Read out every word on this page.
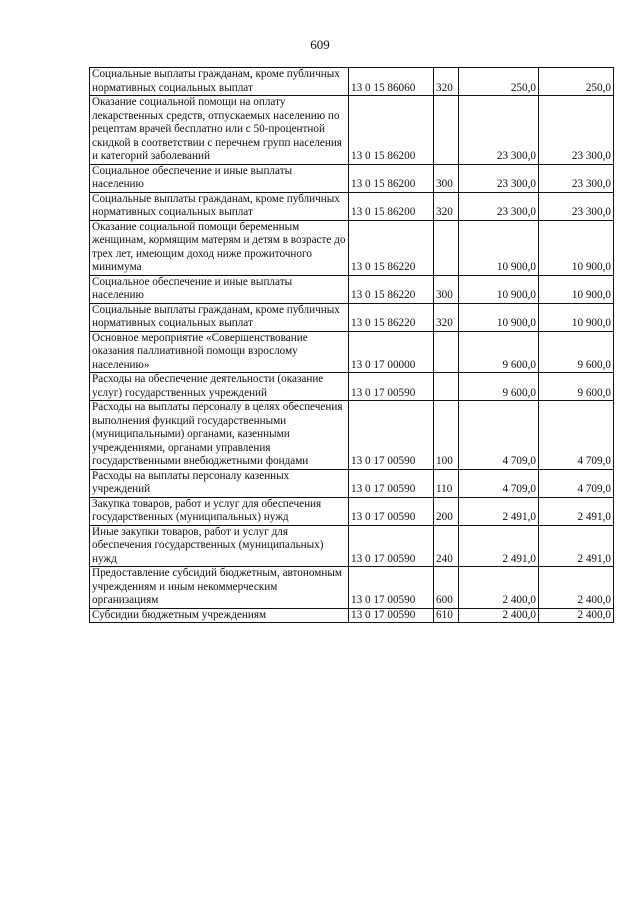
609
Социальные выплаты гражданам, кроме публичных нормативных социальных выплат	13 0 15 86060	320	250,0	250,0
Оказание социальной помощи на оплату лекарственных средств, отпускаемых населению по рецептам врачей бесплатно или с 50-процентной скидкой в соответствии с перечнем групп населения и категорий заболеваний	13 0 15 86200		23 300,0	23 300,0
Социальное обеспечение и иные выплаты населению	13 0 15 86200	300	23 300,0	23 300,0
Социальные выплаты гражданам, кроме публичных нормативных социальных выплат	13 0 15 86200	320	23 300,0	23 300,0
Оказание социальной помощи беременным женщинам, кормящим матерям и детям в возрасте до трех лет, имеющим доход ниже прожиточного минимума	13 0 15 86220		10 900,0	10 900,0
Социальное обеспечение и иные выплаты населению	13 0 15 86220	300	10 900,0	10 900,0
Социальные выплаты гражданам, кроме публичных нормативных социальных выплат	13 0 15 86220	320	10 900,0	10 900,0
Основное мероприятие «Совершенствование оказания паллиативной помощи взрослому населению»	13 0 17 00000		9 600,0	9 600,0
Расходы на обеспечение деятельности (оказание услуг) государственных учреждений	13 0 17 00590		9 600,0	9 600,0
Расходы на выплаты персоналу в целях обеспечения выполнения функций государственными (муниципальными) органами, казенными учреждениями, органами управления государственными внебюджетными фондами	13 0 17 00590	100	4 709,0	4 709,0
Расходы на выплаты персоналу казенных учреждений	13 0 17 00590	110	4 709,0	4 709,0
Закупка товаров, работ и услуг для обеспечения государственных (муниципальных) нужд	13 0 17 00590	200	2 491,0	2 491,0
Иные закупки товаров, работ и услуг для обеспечения государственных (муниципальных) нужд	13 0 17 00590	240	2 491,0	2 491,0
Предоставление субсидий бюджетным, автономным учреждениям и иным некоммерческим организациям	13 0 17 00590	600	2 400,0	2 400,0
Субсидии бюджетным учреждениям	13 0 17 00590	610	2 400,0	2 400,0
